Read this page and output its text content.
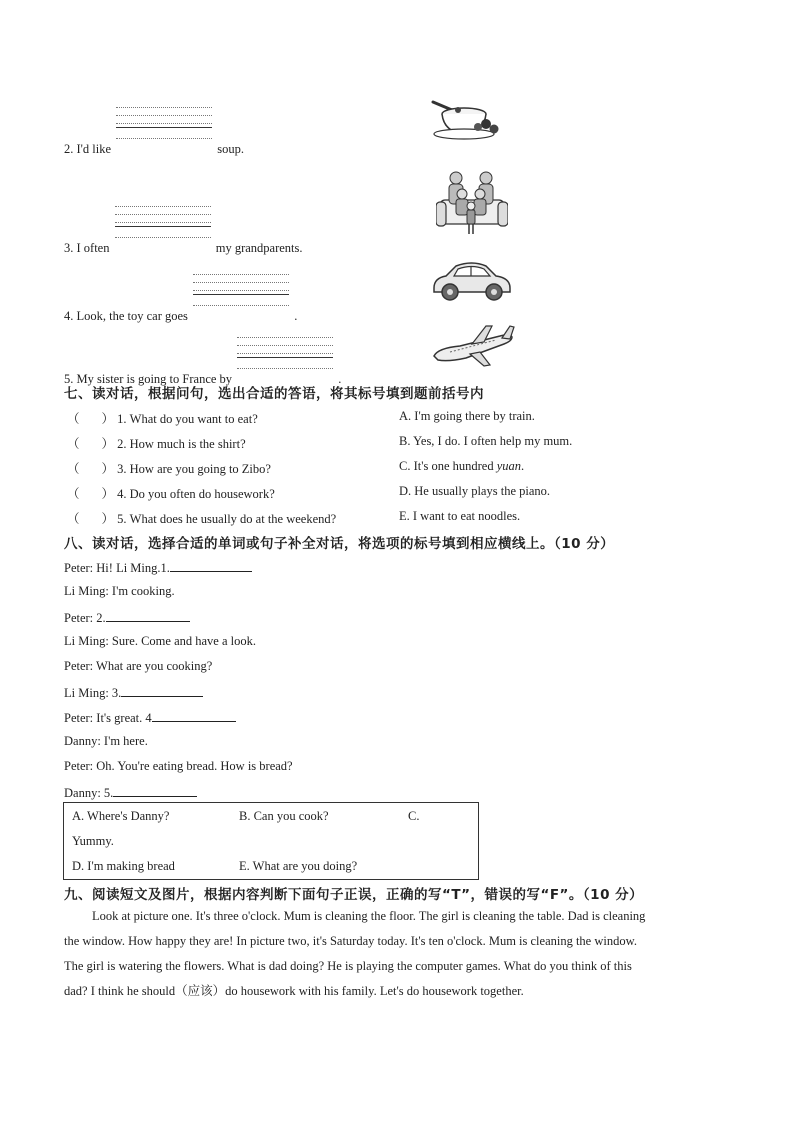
2. I'd like	soup.
3. I often	my grandparents.
4. Look, the toy car goes	.
5. My sister is going to France by	.
七、读对话，根据问句，选出合适的答语，将其标号填到题前括号内
（ ） 1. What do you want to eat?
（ ） 2. How much is the shirt?
（ ） 3. How are you going to Zibo?
（ ） 4. Do you often do housework?
（ ） 5. What does he usually do at the weekend?
A. I'm going there by train.
B. Yes, I do. I often help my mum.
C. It's one hundred yuan.
D. He usually plays the piano.
E. I want to eat noodles.
八、读对话，选择合适的单词或句子补全对话，将选项的标号填到相应横线上。（10 分）
Peter: Hi! Li Ming.1.
Li Ming: I'm cooking.
Peter: 2.
Li Ming: Sure. Come and have a look.
Peter: What are you cooking?
Li Ming: 3.
Peter: It's great. 4
Danny: I'm here.
Peter: Oh. You're eating bread. How is bread?
Danny: 5.
A. Where's Danny?	B. Can you cook?	C.
Yummy.
D. I'm making bread	E. What are you doing?
九、阅读短文及图片，根据内容判断下面句子正误，正确的写“T”，错误的写“F”。（10 分）
Look at picture one. It's three o'clock. Mum is cleaning the floor. The girl is cleaning the table. Dad is cleaning
the window. How happy they are! In picture two, it's Saturday today. It's ten o'clock. Mum is cleaning the window.
The girl is watering the flowers. What is dad doing? He is playing the computer games. What do you think of this
dad? I think he should（应该）do housework with his family. Let's do housework together.
